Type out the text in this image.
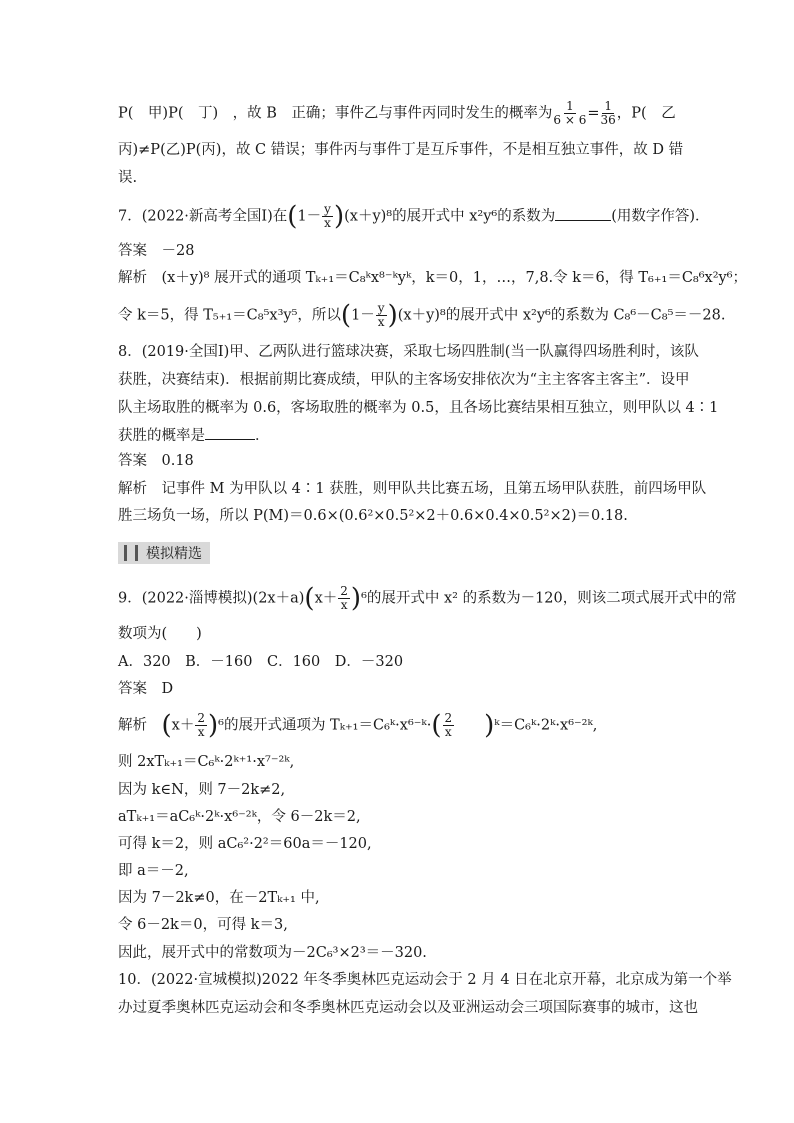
P(　甲)P(　丁)　，故 B　正确；事件乙与事件丙同时发生的概率为 $\frac{1}{6 \times 6} = \frac{1}{36}$ ，P(　乙
丙)≠P(乙)P(丙)，故 C 错误；事件丙与事件丁是互斥事件，不是相互独立事件，故 D 错
误.
7．(2022·新高考全国Ⅰ)在$(1- \frac{y}{x} )(x+y)^8$的展开式中 x²y⁶的系数为	(用数字作答)．
答案　 －28
解析　 (x＋y)⁸ 展开式的通项 Tₖ₊₁＝C₈ᵏx⁸⁻ᵏyᵏ，k＝0，1，…，7,8.令 k＝6，得 T₆₊₁＝C₈⁶x²y⁶；
令 k＝5，得 T₅₊₁＝C₈⁵x³y⁵，所以$(1- \frac{y}{x} )(x+y)^8$的展开式中 x²y⁶的系数为 C₈⁶－C₈⁵＝－28.
8．(2019·全国Ⅰ)甲、乙两队进行篮球决赛，采取七场四胜制(当一队赢得四场胜利时，该队
获胜，决赛结束)．根据前期比赛成绩，甲队的主客场安排依次为“主主客客主客主”．设甲
队主场取胜的概率为 0.6，客场取胜的概率为 0.5，且各场比赛结果相互独立，则甲队以 4∶1
获胜的概率是	．
答案　 0.18
解析　 记事件 M 为甲队以 4∶1 获胜，则甲队共比赛五场，且第五场甲队获胜，前四场甲队
胜三场负一场，所以 P(M)＝0.6×(0.6²×0.5²×2＋0.6×0.4×0.5²×2)＝0.18.
模拟精选
9．(2022·淄博模拟)$(2x+a)(x+ \frac{2}{x} )^6$的展开式中 x² 的系数为－120，则该二项式展开式中的常
数项为(　　)
A．320　B．－160　C．160　D．－320
答案　 D
解析　 $(x+ \frac{2}{x} )^6$的展开式通项为 Tₖ₊₁＝C₆ᵏ·x⁶⁻ᵏ·( $\frac{2}{x}$
　　 )ᵏ＝C₆ᵏ·2ᵏ·x⁶⁻²ᵏ,
则 2xTₖ₊₁＝C₆ᵏ·2ᵏ⁺¹·x⁷⁻²ᵏ,
因为 k∈N，则 7－2k≠2,
aTₖ₊₁＝aC₆ᵏ·2ᵏ·x⁶⁻²ᵏ，令 6－2k＝2,
可得 k＝2，则 aC₆²·2²＝60a＝－120,
即 a＝－2,
因为 7－2k≠0，在－2Tₖ₊₁ 中,
令 6－2k＝0，可得 k＝3,
因此，展开式中的常数项为－2C₆³×2³＝－320.
10．(2022·宣城模拟)2022 年冬季奥林匹克运动会于 2 月 4 日在北京开幕，北京成为第一个举
办过夏季奥林匹克运动会和冬季奥林匹克运动会以及亚洲运动会三项国际赛事的城市，这也
